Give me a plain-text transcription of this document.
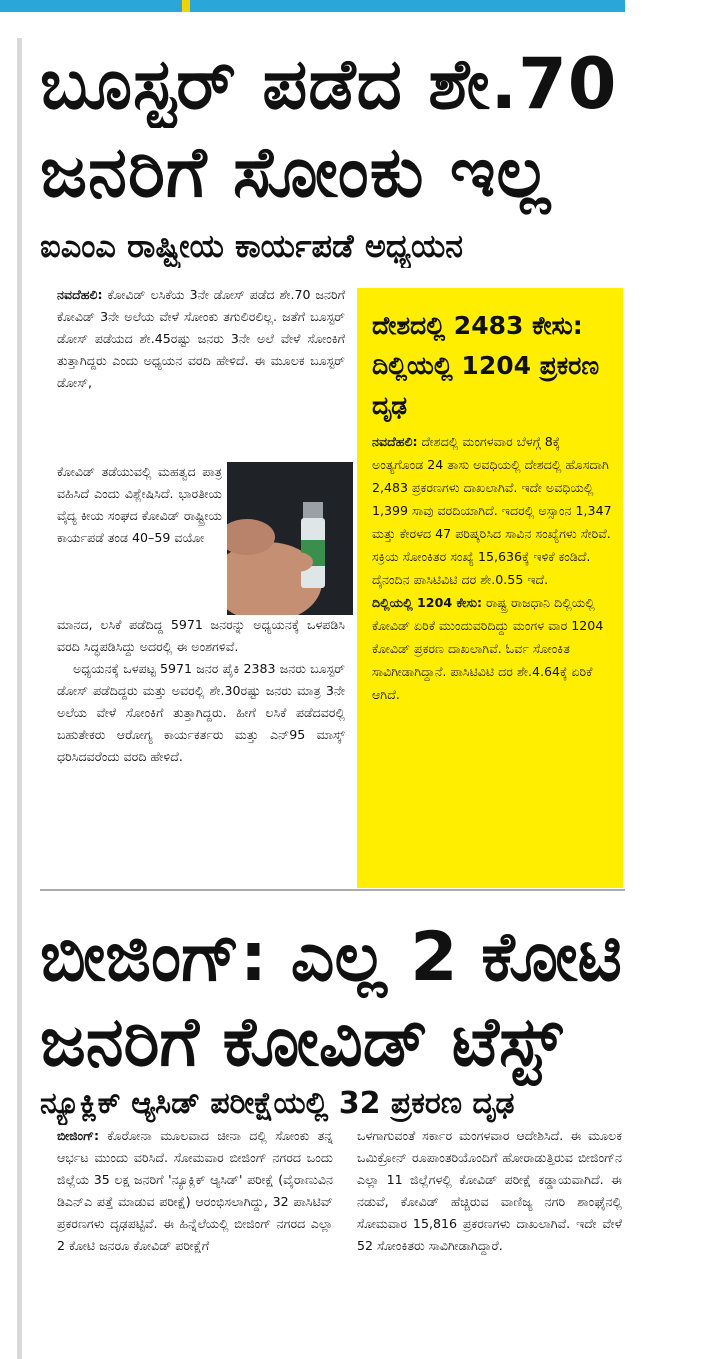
ಬೂಸ್ಟರ್ ಪಡೆದ ಶೇ.70
ಜನರಿಗೆ ಸೋಂಕು ಇಲ್ಲ
ಐಎಂಎ ರಾಷ್ಟ್ರೀಯ ಕಾರ್ಯಪಡೆ ಅಧ್ಯಯನ
ನವದೆಹಲಿ: ಕೋವಿಡ್ ಲಸಿಕೆಯ 3ನೇ ಡೋಸ್ ಪಡೆದ ಶೇ.70 ಜನರಿಗೆ ಕೋವಿಡ್ 3ನೇ ಅಲೆಯ ವೇಳೆ ಸೋಂಕು ತಗುಲಿರಲಿಲ್ಲ. ಜತೆಗೆ ಬೂಸ್ಟರ್ ಡೋಸ್ ಪಡೆಯದ ಶೇ.45ರಷ್ಟು ಜನರು 3ನೇ ಅಲೆ ವೇಳೆ ಸೋಂಕಿಗೆ ತುತ್ತಾಗಿದ್ದರು ಎಂದು ಅಧ್ಯಯನ ವರದಿ ಹೇಳಿದೆ. ಈ ಮೂಲಕ ಬೂಸ್ಟರ್ ಡೋಸ್,
ಕೋವಿಡ್ ತಡೆಯುವಲ್ಲಿ ಮಹತ್ವದ ಪಾತ್ರ ವಹಿಸಿದೆ ಎಂದು ವಿಶ್ಲೇಷಿಸಿದೆ. ಭಾರತೀಯ ವೈದ್ಯ ಕೀಯ ಸಂಘದ ಕೋವಿಡ್ ರಾಷ್ಟ್ರೀಯ ಕಾರ್ಯಪಡೆ ತಂಡ 40–59 ವಯೋ

ಮಾನದ, ಲಸಿಕೆ ಪಡೆದಿದ್ದ 5971 ಜನರನ್ನು ಅಧ್ಯಯನಕ್ಕೆ ಒಳಪಡಿಸಿ ವರದಿ ಸಿದ್ಧಪಡಿಸಿದ್ದು ಅದರಲ್ಲಿ ಈ ಅಂಶಗಳಿವೆ.

ಅಧ್ಯಯನಕ್ಕೆ ಒಳಪಟ್ಟ 5971 ಜನರ ಪೈಕಿ 2383 ಜನರು ಬೂಸ್ಟರ್ ಡೋಸ್ ಪಡೆದಿದ್ದರು ಮತ್ತು ಅವರಲ್ಲಿ ಶೇ.30ರಷ್ಟು ಜನರು ಮಾತ್ರ 3ನೇ ಅಲೆಯ ವೇಳೆ ಸೋಂಕಿಗೆ ತುತ್ತಾಗಿದ್ದರು. ಹೀಗೆ ಲಸಿಕೆ ಪಡೆದವರಲ್ಲಿ ಬಹುತೇಕರು ಆರೋಗ್ಯ ಕಾರ್ಯಕರ್ತರು ಮತ್ತು ಎನ್95 ಮಾಸ್ಕ್ ಧರಿಸಿದವರೆಂದು ವರದಿ ಹೇಳಿದೆ.

ದೇಶದಲ್ಲಿ 2483 ಕೇಸು: ದಿಲ್ಲಿಯಲ್ಲಿ 1204 ಪ್ರಕರಣ ದೃಢ

ನವದೆಹಲಿ: ದೇಶದಲ್ಲಿ ಮಂಗಳವಾರ ಬೆಳಗ್ಗೆ 8ಕ್ಕೆ ಅಂತ್ಯಗೊಂಡ 24 ತಾಸು ಅವಧಿಯಲ್ಲಿ ದೇಶದಲ್ಲಿ ಹೊಸದಾಗಿ 2,483 ಪ್ರಕರಣಗಳು ದಾಖಲಾಗಿವೆ. ಇದೇ ಅವಧಿಯಲ್ಲಿ 1,399 ಸಾವು ವರದಿಯಾಗಿದೆ. ಇದರಲ್ಲಿ ಅಸ್ಸಾಂನ 1,347 ಮತ್ತು ಕೇರಳದ 47 ಪರಿಷ್ಕರಿಸಿದ ಸಾವಿನ ಸಂಖ್ಯೆಗಳು ಸೇರಿವೆ. ಸಕ್ರಿಯ ಸೋಂಕಿತರ ಸಂಖ್ಯೆ 15,636ಕ್ಕೆ ಇಳಿಕೆ ಕಂಡಿದೆ. ದೈನಂದಿನ ಪಾಸಿಟಿವಿಟಿ ದರ ಶೇ.0.55 ಇದೆ.

ದಿಲ್ಲಿಯಲ್ಲಿ 1204 ಕೇಸು: ರಾಷ್ಟ್ರ ರಾಜಧಾನಿ ದಿಲ್ಲಿಯಲ್ಲಿ ಕೋವಿಡ್ ಏರಿಕೆ ಮುಂದುವರಿದಿದ್ದು ಮಂಗಳ ವಾರ 1204 ಕೋವಿಡ್ ಪ್ರಕರಣ ದಾಖಲಾಗಿವೆ. ಓರ್ವ ಸೋಂಕಿತ ಸಾವಿಗೀಡಾಗಿದ್ದಾನೆ. ಪಾಸಿಟಿವಿಟಿ ದರ ಶೇ.4.64ಕ್ಕೆ ಏರಿಕೆ ಆಗಿದೆ.

ಬೀಜಿಂಗ್: ಎಲ್ಲ 2 ಕೋಟಿ
ಜನರಿಗೆ ಕೋವಿಡ್ ಟೆಸ್ಟ್
ನ್ಯೂಕ್ಲಿಕ್ ಆ್ಯಸಿಡ್ ಪರೀಕ್ಷೆಯಲ್ಲಿ 32 ಪ್ರಕರಣ ದೃಢ
ಬೀಜಿಂಗ್: ಕೊರೋನಾ ಮೂಲವಾದ ಚೀನಾ ದಲ್ಲಿ ಸೋಂಕು ತನ್ನ ಆರ್ಭಟ ಮುಂದು ವರಿಸಿದೆ. ಸೋಮವಾರ ಬೀಜಿಂಗ್ ನಗರದ ಒಂದು ಜಿಲ್ಲೆಯ 35 ಲಕ್ಷ ಜನರಿಗೆ 'ನ್ಯೂಕ್ಲಿಕ್ ಆ್ಯಸಿಡ್' ಪರೀಕ್ಷೆ (ವೈರಾಣುವಿನ ಡಿಎನ್ಎ ಪತ್ತೆ ಮಾಡುವ ಪರೀಕ್ಷೆ) ಆರಂಭಿಸಲಾಗಿದ್ದು, 32 ಪಾಸಿಟಿವ್ ಪ್ರಕರಣಗಳು ದೃಢಪಟ್ಟಿವೆ. ಈ ಹಿನ್ನೆಲೆಯಲ್ಲಿ ಬೀಜಿಂಗ್ ನಗರದ ಎಲ್ಲಾ 2 ಕೋಟಿ ಜನರೂ ಕೋವಿಡ್ ಪರೀಕ್ಷೆಗೆ
ಒಳಗಾಗುವಂತೆ ಸರ್ಕಾರ ಮಂಗಳವಾರ ಆದೇಶಿಸಿದೆ. ಈ ಮೂಲಕ ಒಮಿಕ್ರೋನ್ ರೂಪಾಂತರಿಯೊಂದಿಗೆ ಹೋರಾಡುತ್ತಿರುವ ಬೀಜಿಂಗ್‌ನ ಎಲ್ಲಾ 11 ಜಿಲ್ಲೆಗಳಲ್ಲಿ ಕೋವಿಡ್ ಪರೀಕ್ಷೆ ಕಡ್ಡಾಯವಾಗಿದೆ. ಈ ನಡುವೆ, ಕೋವಿಡ್ ಹೆಚ್ಚಿರುವ ವಾಣಿಜ್ಯ ನಗರಿ ಶಾಂಘೈನಲ್ಲಿ ಸೋಮವಾರ 15,816 ಪ್ರಕರಣಗಳು ದಾಖಲಾಗಿವೆ. ಇದೇ ವೇಳೆ 52 ಸೋಂಕಿತರು ಸಾವಿಗೀಡಾಗಿದ್ದಾರೆ.
